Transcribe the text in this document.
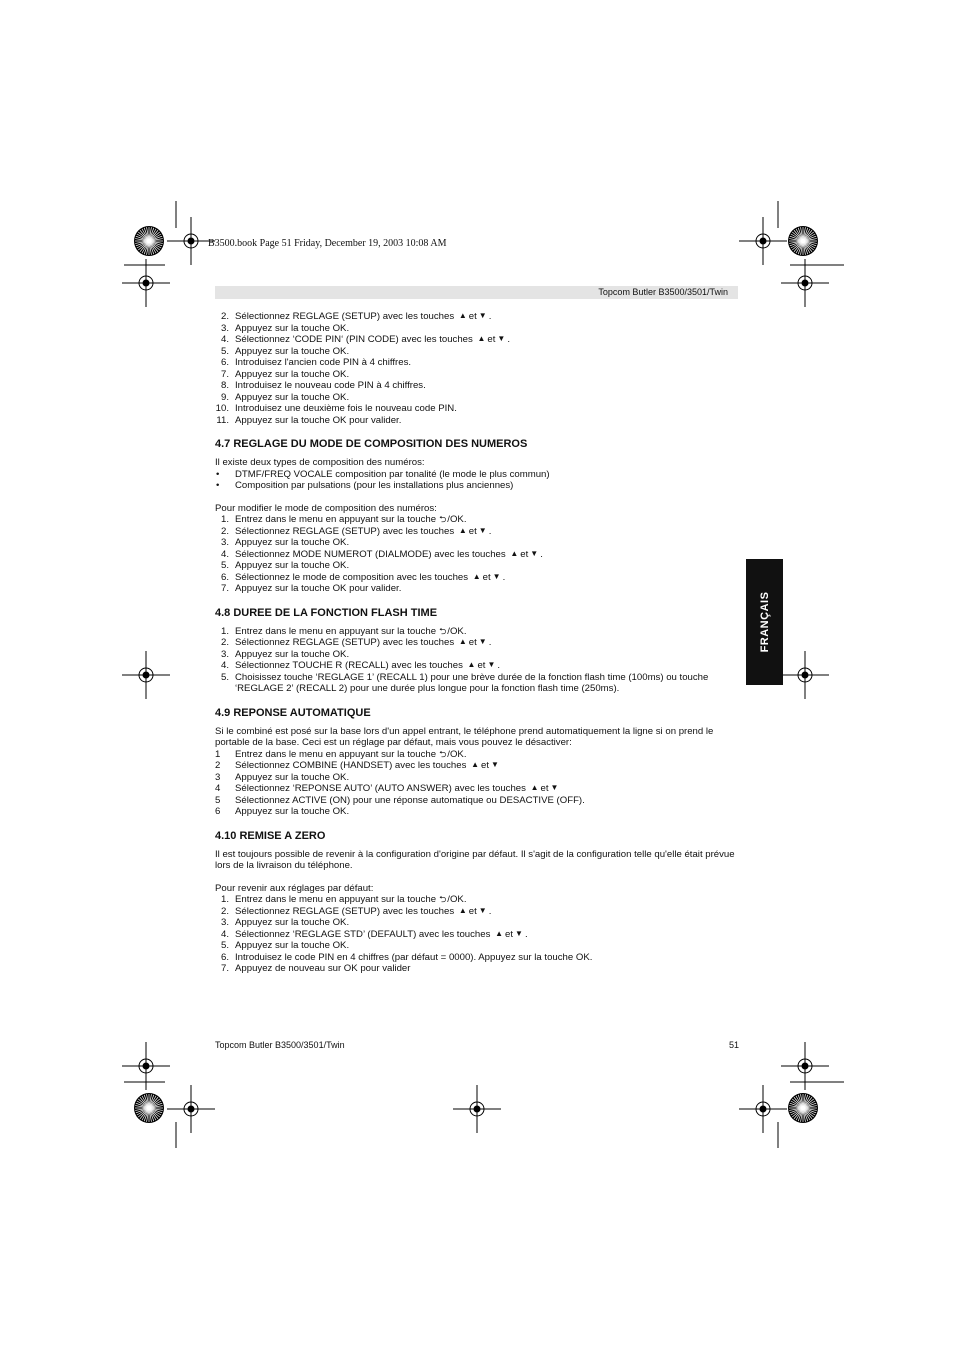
B3500.book Page 51 Friday, December 19, 2003 10:08 AM
Topcom Butler B3500/3501/Twin
FRANÇAIS
2. Sélectionnez REGLAGE (SETUP) avec les touches ▲ et ▼ .
3. Appuyez sur la touche OK.
4. Sélectionnez ‘CODE PIN‘ (PIN CODE) avec les touches ▲ et ▼ .
5. Appuyez sur la touche OK.
6. Introduisez l'ancien code PIN à 4 chiffres.
7. Appuyez sur la touche OK.
8. Introduisez le nouveau code PIN à 4 chiffres.
9. Appuyez sur la touche OK.
10. Introduisez une deuxième fois le nouveau code PIN.
11. Appuyez sur la touche OK pour valider.
4.7 REGLAGE DU MODE DE COMPOSITION DES NUMEROS

Il existe deux types de composition des numéros:

•	DTMF/FREQ VOCALE composition par tonalité (le mode le plus commun)
•	Composition par pulsations (pour les installations plus anciennes)

Pour modifier le mode de composition des numéros:

1. Entrez dans le menu en appuyant sur la touche ⮌/OK.
2. Sélectionnez REGLAGE (SETUP) avec les touches ▲ et ▼ .
3. Appuyez sur la touche OK.
4. Sélectionnez MODE NUMEROT (DIALMODE) avec les touches ▲ et ▼ .
5. Appuyez sur la touche OK.
6. Sélectionnez le mode de composition avec les touches ▲ et ▼ .
7. Appuyez sur la touche OK pour valider.
4.8 DUREE DE LA FONCTION FLASH TIME
1. Entrez dans le menu en appuyant sur la touche ⮌/OK.
2. Sélectionnez REGLAGE (SETUP) avec les touches ▲ et ▼ .
3. Appuyez sur la touche OK.
4. Sélectionnez TOUCHE R (RECALL) avec les touches ▲ et ▼ .
5. Choisissez touche ‘REGLAGE 1’ (RECALL 1) pour une brève durée de la fonction flash time (100ms) ou touche ‘REGLAGE 2’ (RECALL 2) pour une durée plus longue pour la fonction flash time (250ms).
4.9 REPONSE AUTOMATIQUE

Si le combiné est posé sur la base lors d'un appel entrant, le téléphone prend automatiquement la ligne si on prend le portable de la base. Ceci est un réglage par défaut, mais vous pouvez le désactiver:

1	Entrez dans le menu en appuyant sur la touche ⮌/OK.
2	Sélectionnez COMBINE (HANDSET) avec les touches ▲ et ▼
3	Appuyez sur la touche OK.
4	Sélectionnez ‘REPONSE AUTO’ (AUTO ANSWER) avec les touches ▲ et ▼
5	Sélectionnez ACTIVE (ON) pour une réponse automatique ou DESACTIVE (OFF).
6	Appuyez sur la touche OK.
4.10 REMISE A ZERO

Il est toujours possible de revenir à la configuration d'origine par défaut. Il s'agit de la configuration telle qu'elle était prévue lors de la livraison du téléphone.

Pour revenir aux réglages par défaut:

1. Entrez dans le menu en appuyant sur la touche ⮌/OK.
2. Sélectionnez REGLAGE (SETUP) avec les touches ▲ et ▼ .
3. Appuyez sur la touche OK.
4. Sélectionnez ‘REGLAGE STD’ (DEFAULT) avec les touches ▲ et ▼ .
5. Appuyez sur la touche OK.
6. Introduisez le code PIN en 4 chiffres (par défaut = 0000). Appuyez sur la touche OK.
7. Appuyez de nouveau sur OK pour valider
Topcom Butler B3500/3501/Twin	51
